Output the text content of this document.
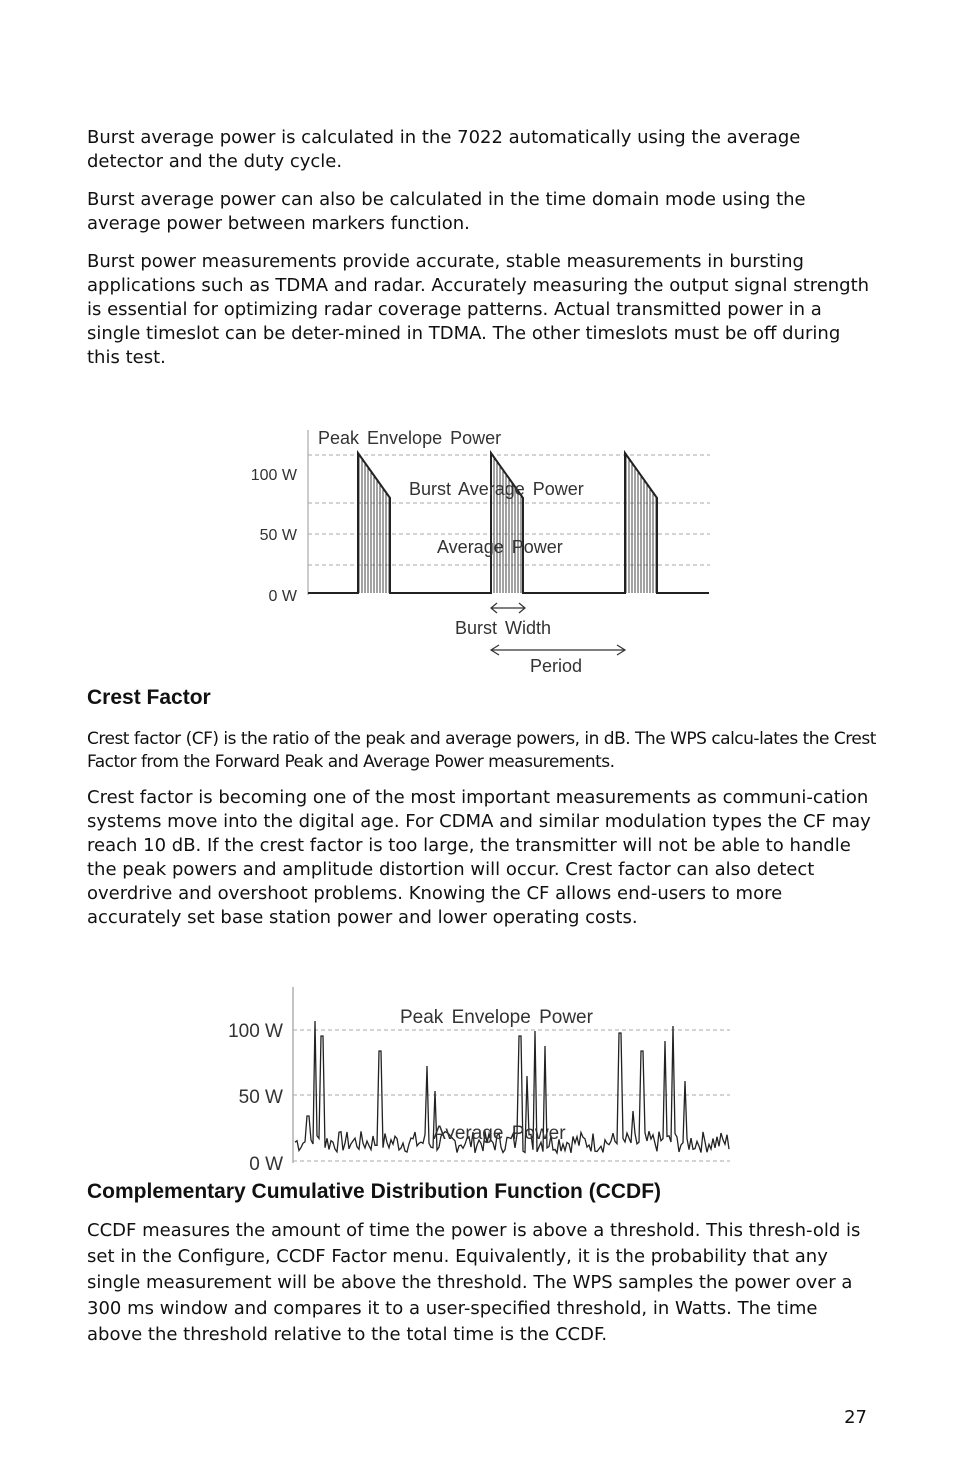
Burst average power is calculated in the 7022 automatically using the average detector and the duty cycle.

Burst average power can also be calculated in the time domain mode using the average power between markers function.

Burst power measurements provide accurate, stable measurements in bursting applications such as TDMA and radar. Accurately measuring the output signal strength is essential for optimizing radar coverage patterns. Actual transmitted power in a single timeslot can be deter-mined in TDMA. The other timeslots must be off during this test.

100 W
50 W
0 W
Peak Envelope Power
Burst Average Power
Average Power
Burst Width
Period
Crest Factor

Crest factor (CF) is the ratio of the peak and average powers, in dB. The WPS calcu-lates the Crest Factor from the Forward Peak and Average Power measurements.

Crest factor is becoming one of the most important measurements as communi-cation systems move into the digital age. For CDMA and similar modulation types the CF may reach 10 dB. If the crest factor is too large, the transmitter will not be able to handle the peak powers and amplitude distortion will occur. Crest factor can also detect overdrive and overshoot problems. Knowing the CF allows end-users to more accurately set base station power and lower operating costs.

100 W
50 W
0 W
Peak Envelope Power
Average Power
Complementary Cumulative Distribution Function (CCDF)

CCDF measures the amount of time the power is above a threshold. This thresh-old is set in the Configure, CCDF Factor menu. Equivalently, it is the probability that any single measurement will be above the threshold. The WPS samples the power over a 300 ms window and compares it to a user-specified threshold, in Watts. The time above the threshold relative to the total time is the CCDF.

27
